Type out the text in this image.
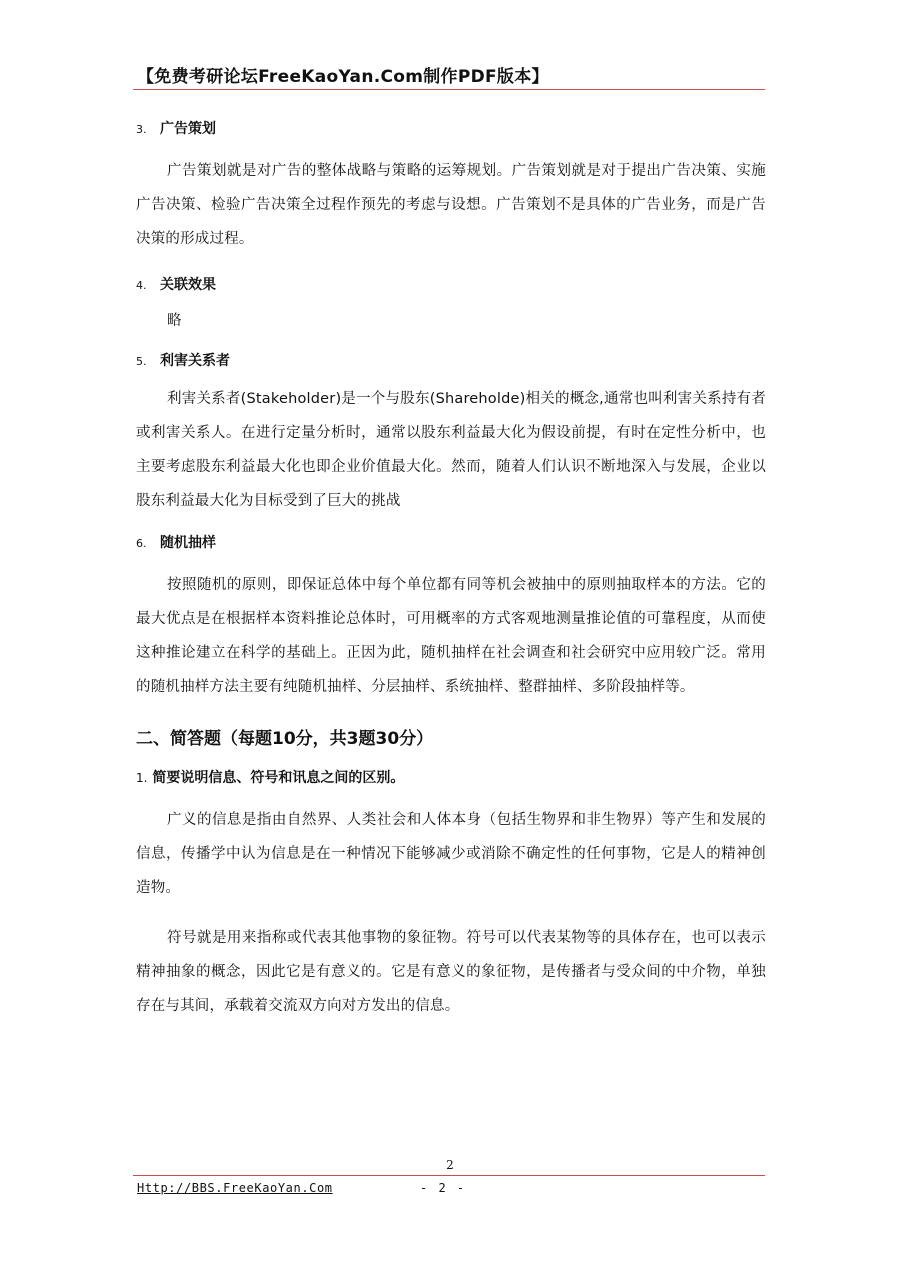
【免费考研论坛FreeKaoYan.Com制作PDF版本】
3. 广告策划

广告策划就是对广告的整体战略与策略的运筹规划。广告策划就是对于提出广告决策、实施广告决策、检验广告决策全过程作预先的考虑与设想。广告策划不是具体的广告业务，而是广告决策的形成过程。

4. 关联效果

略

5. 利害关系者

利害关系者(Stakeholder)是一个与股东(Shareholde)相关的概念,通常也叫利害关系持有者或利害关系人。在进行定量分析时，通常以股东利益最大化为假设前提，有时在定性分析中，也主要考虑股东利益最大化也即企业价值最大化。然而，随着人们认识不断地深入与发展，企业以股东利益最大化为目标受到了巨大的挑战

6. 随机抽样

按照随机的原则，即保证总体中每个单位都有同等机会被抽中的原则抽取样本的方法。它的最大优点是在根据样本资料推论总体时，可用概率的方式客观地测量推论值的可靠程度，从而使这种推论建立在科学的基础上。正因为此，随机抽样在社会调查和社会研究中应用较广泛。常用的随机抽样方法主要有纯随机抽样、分层抽样、系统抽样、整群抽样、多阶段抽样等。

二、简答题（每题10分，共3题30分）
1. 简要说明信息、符号和讯息之间的区别。

广义的信息是指由自然界、人类社会和人体本身（包括生物界和非生物界）等产生和发展的信息，传播学中认为信息是在一种情况下能够减少或消除不确定性的任何事物，它是人的精神创造物。

符号就是用来指称或代表其他事物的象征物。符号可以代表某物等的具体存在，也可以表示精神抽象的概念，因此它是有意义的。它是有意义的象征物，是传播者与受众间的中介物，单独存在与其间，承载着交流双方向对方发出的信息。

2
Http://BBS.FreeKaoYan.Com	- 2 -
